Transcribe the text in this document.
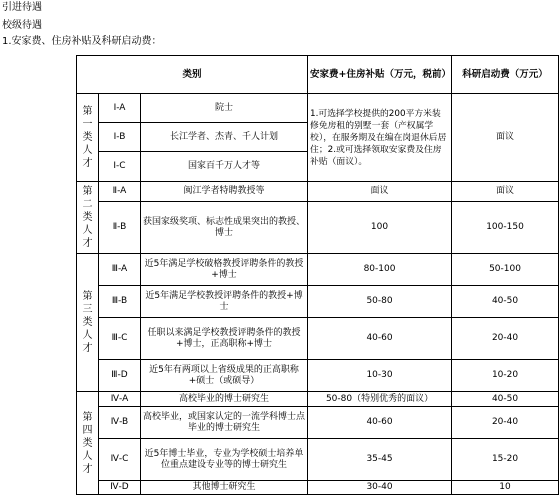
引进待遇
校级待遇
1.安家费、住房补贴及科研启动费：
类别			安家费+住房补贴（万元，税前）	科研启动费（万元）
第一类人才	Ⅰ-A	院士	1.可选择学校提供的200平方米装修免房租的别墅一套（产权属学校），在服务期及在编在岗退休后居住；2.或可选择领取安家费及住房补贴（面议）。	面议
	Ⅰ-B	长江学者、杰青、千人计划		
	Ⅰ-C	国家百千万人才等		
第二类人才	Ⅱ-A	闽江学者特聘教授等	面议	面议
	Ⅱ-B	获国家级奖项、标志性成果突出的教授、博士	100	100-150
第三类人才	Ⅲ-A	近5年满足学校破格教授评聘条件的教授+博士	80-100	50-100
	Ⅲ-B	近5年满足学校教授评聘条件的教授+博士	50-80	40-50
	Ⅲ-C	任职以来满足学校教授评聘条件的教授+博士，正高职称+博士	40-60	20-40
	Ⅲ-D	近5年有两项以上省级成果的正高职称+硕士（或硕导）	10-30	10-20
第四类人才	Ⅳ-A	高校毕业的博士研究生	50-80（特别优秀的面议）	40-50
	Ⅳ-B	高校毕业，或国家认定的一流学科博士点毕业的博士研究生	40-60	20-40
	Ⅳ-C	近5年博士毕业，专业为学校硕士培养单位重点建设专业等的博士研究生	35-45	15-20
	Ⅳ-D	其他博士研究生	30-40	10
